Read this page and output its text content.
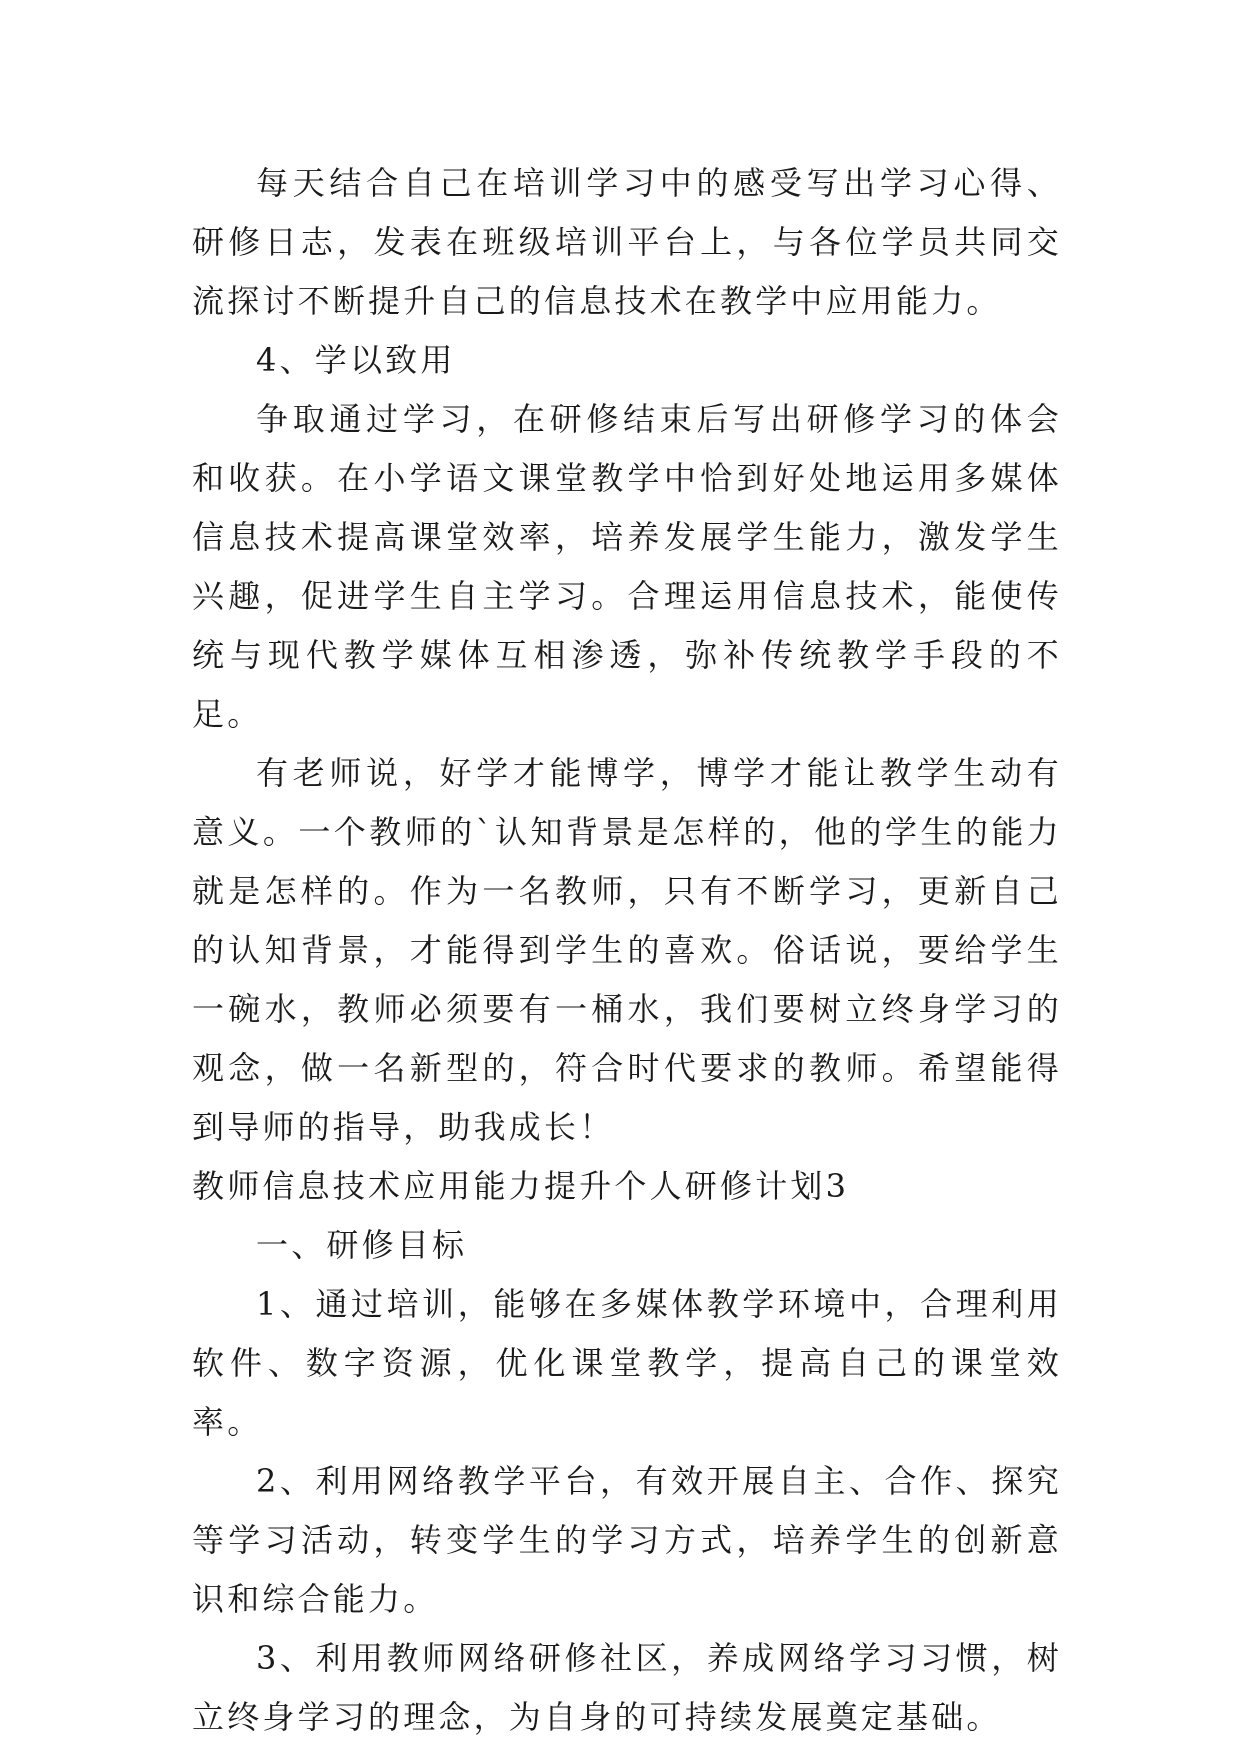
每天结合自己在培训学习中的感受写出学习心得、研修日志，发表在班级培训平台上，与各位学员共同交流探讨不断提升自己的信息技术在教学中应用能力。

4、学以致用

争取通过学习，在研修结束后写出研修学习的体会和收获。在小学语文课堂教学中恰到好处地运用多媒体信息技术提高课堂效率，培养发展学生能力，激发学生兴趣，促进学生自主学习。合理运用信息技术，能使传统与现代教学媒体互相渗透，弥补传统教学手段的不足。

有老师说，好学才能博学，博学才能让教学生动有意义。一个教师的`认知背景是怎样的，他的学生的能力就是怎样的。作为一名教师，只有不断学习，更新自己的认知背景，才能得到学生的喜欢。俗话说，要给学生一碗水，教师必须要有一桶水，我们要树立终身学习的观念，做一名新型的，符合时代要求的教师。希望能得到导师的指导，助我成长！

教师信息技术应用能力提升个人研修计划3

一、研修目标

1、通过培训，能够在多媒体教学环境中，合理利用软件、数字资源，优化课堂教学，提高自己的课堂效率。

2、利用网络教学平台，有效开展自主、合作、探究等学习活动，转变学生的学习方式，培养学生的创新意识和综合能力。

3、利用教师网络研修社区，养成网络学习习惯，树立终身学习的理念，为自身的可持续发展奠定基础。
